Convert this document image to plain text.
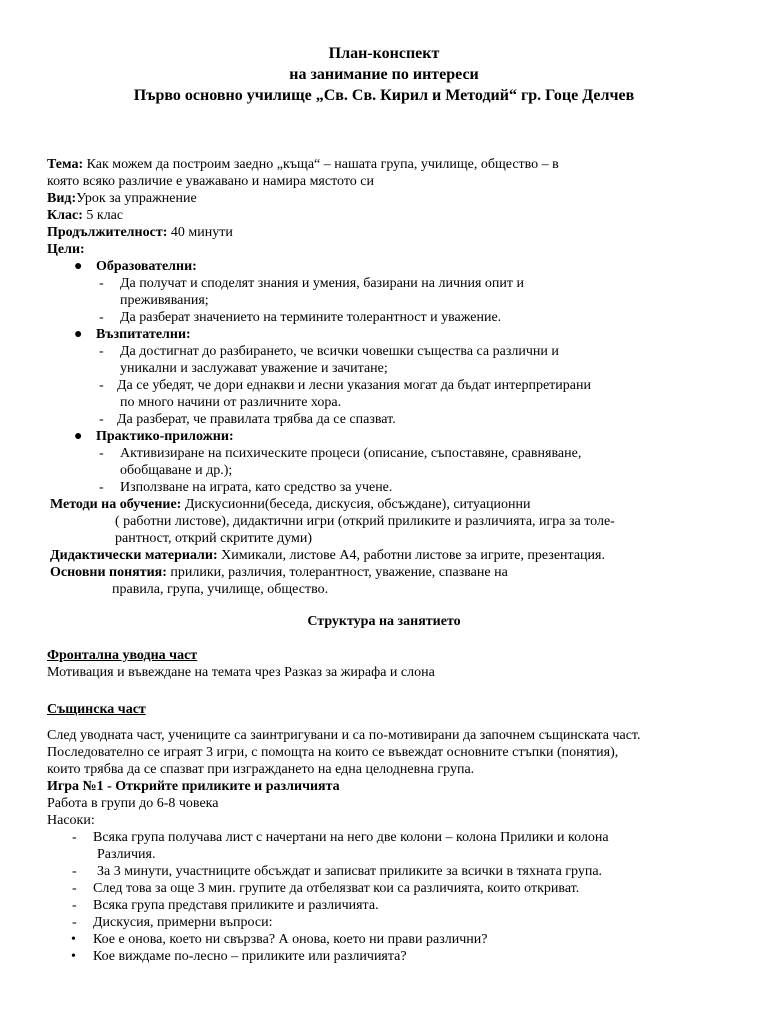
План-конспект
на занимание по интереси
Първо основно училище „Св. Св. Кирил и Методий“ гр. Гоце Делчев
Тема: Как можем да построим заедно „къща“ – нашата група, училище, общество – в
която всяко различие е уважавано и намира мястото си
Вид:Урок за упражнение
Клас: 5 клас
Продължителност: 40 минути
Цели:
● Образователни:
- Да получат и споделят знания и умения, базирани на личния опит и
преживявания;
- Да разберат значението на термините толерантност и уважение.
● Възпитателни:
- Да достигнат до разбирането, че всички човешки същества са различни и
уникални и заслужават уважение и зачитане;
- Да се убедят, че дори еднакви и лесни указания могат да бъдат интерпретирани
по много начини от различните хора.
- Да разберат, че правилата трябва да се спазват.
● Практико-приложни:
- Активизиране на психическите процеси (описание, съпоставяне, сравняване,
обобщаване и др.);
- Използване на играта, като средство за учене.
Методи на обучение: Дискусионни(беседа, дискусия, обсъждане), ситуационни
( работни листове), дидактични игри (открий приликите и различията, игра за толе-
рантност, открий скритите думи)
Дидактически материали: Химикали, листове А4, работни листове за игрите, презентация.
Основни понятия: прилики, различия, толерантност, уважение, спазване на
правила, група, училище, общество.
Структура на занятието
Фронтална уводна част
Мотивация и въвеждане на темата чрез Разказ за жирафа и слона
Същинска част
След уводната част, учениците са заинтригувани и са по-мотивирани да започнем същинската част.
Последователно се играят 3 игри, с помощта на които се въвеждат основните стъпки (понятия),
които трябва да се спазват при изграждането на една целодневна група.
Игра №1 - Открийте приликите и различията
Работа в групи до 6-8 човека
Насоки:
- Всяка група получава лист с начертани на него две колони – колона Прилики и колона
Различия.
- За 3 минути, участниците обсъждат и записват приликите за всички в тяхната група.
- След това за още 3 мин. групите да отбелязват кои са различията, които откриват.
- Всяка група представя приликите и различията.
- Дискусия, примерни въпроси:
• Кое е онова, което ни свързва? А онова, което ни прави различни?
• Кое виждаме по-лесно – приликите или различията?
